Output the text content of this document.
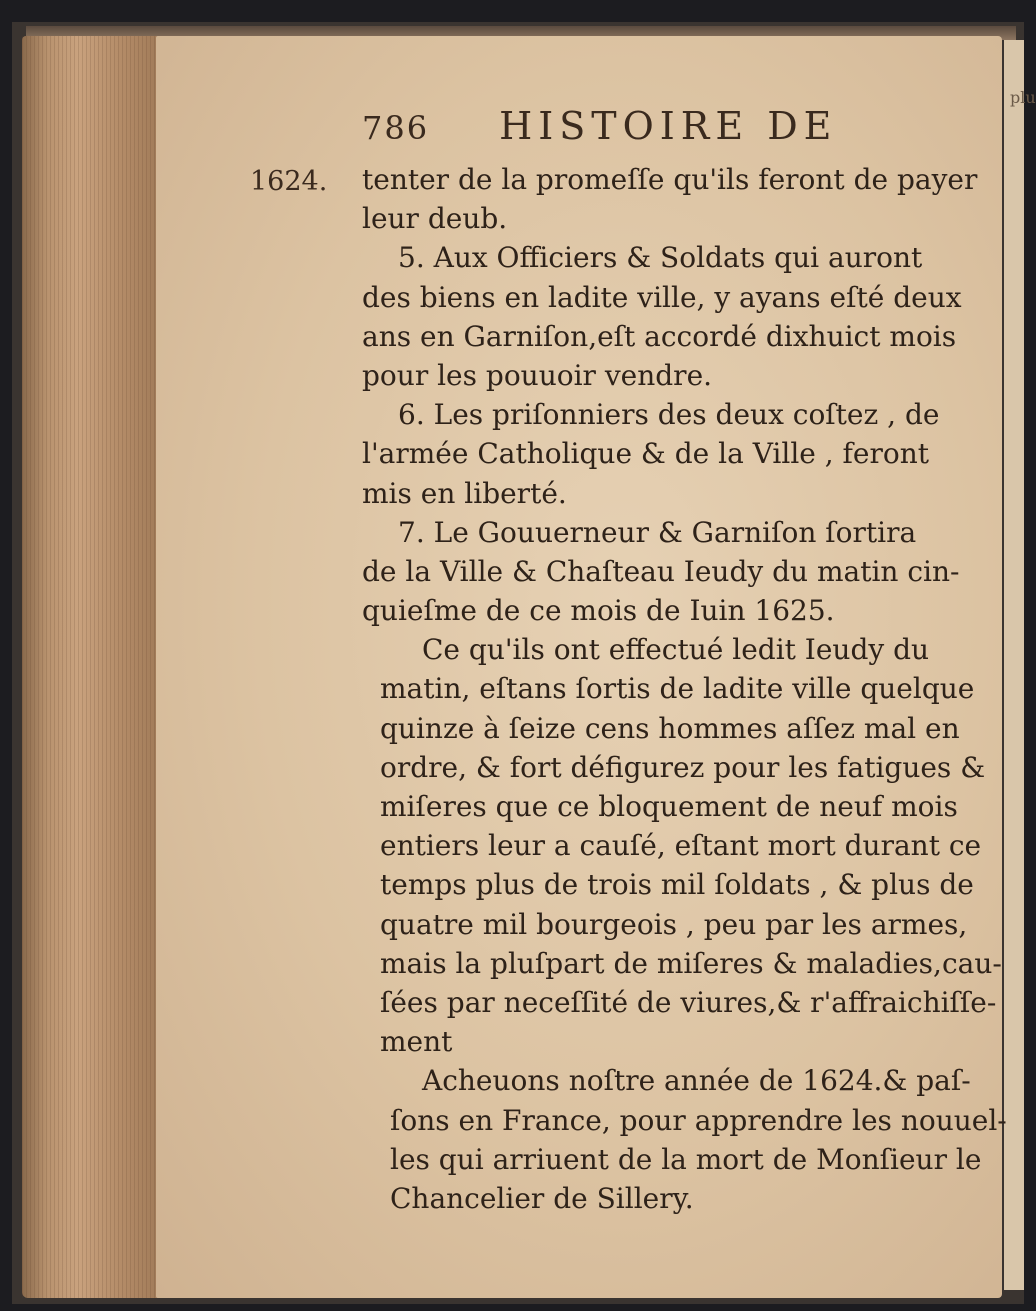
plu
786 HISTOIRE DE
1624. tenter de la promeſſe qu'ils feront de payer
leur deub.
5. Aux Officiers & Soldats qui auront
des biens en ladite ville, y ayans eſté deux
ans en Garniſon,eſt accordé dixhuict mois
pour les pouuoir vendre.
6. Les priſonniers des deux coſtez , de
l'armée Catholique & de la Ville , feront
mis en liberté.
7. Le Gouuerneur & Garniſon ſortira
de la Ville & Chaſteau Ieudy du matin cin-
quieſme de ce mois de Iuin 1625.
Ce qu'ils ont effectué ledit Ieudy du
matin, eſtans ſortis de ladite ville quelque
quinze à ſeize cens hommes aſſez mal en
ordre, & fort défigurez pour les fatigues &
miſeres que ce bloquement de neuf mois
entiers leur a cauſé, eſtant mort durant ce
temps plus de trois mil ſoldats , & plus de
quatre mil bourgeois , peu par les armes,
mais la pluſpart de miſeres & maladies,cau-
ſées par neceſſité de viures,& r'affraichiſſe-
ment
Acheuons noſtre année de 1624.& paſ-
ſons en France, pour apprendre les nouuel-
les qui arriuent de la mort de Monſieur le
Chancelier de Sillery.
